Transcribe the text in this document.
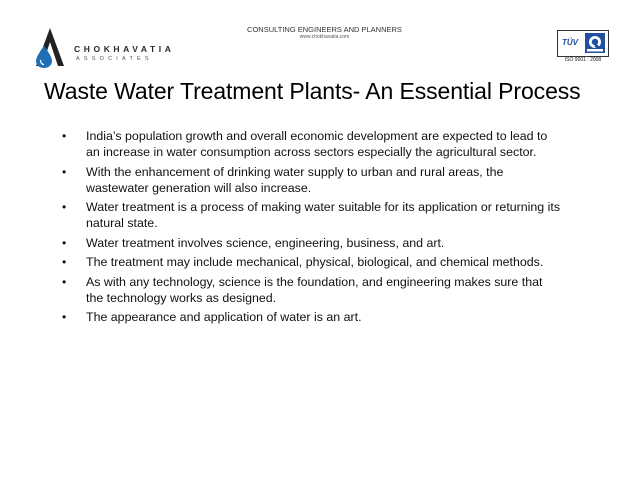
CHOKHAVATIA
ASSOCIATES
CONSULTING ENGINEERS AND PLANNERS
www.chokhavatia.com
TÜV
ISO 9001 : 2008
Waste Water Treatment Plants- An Essential Process
• India’s population growth and overall economic development are expected to lead to an increase in water consumption across sectors especially the agricultural sector.
• With the enhancement of drinking water supply to urban and rural areas, the wastewater generation will also increase.
• Water treatment is a process of making water suitable for its application or returning its natural state.
• Water treatment involves science, engineering, business, and art.
• The treatment may include mechanical, physical, biological, and chemical methods.
• As with any technology, science is the foundation, and engineering makes sure that the technology works as designed.
• The appearance and application of water is an art.
